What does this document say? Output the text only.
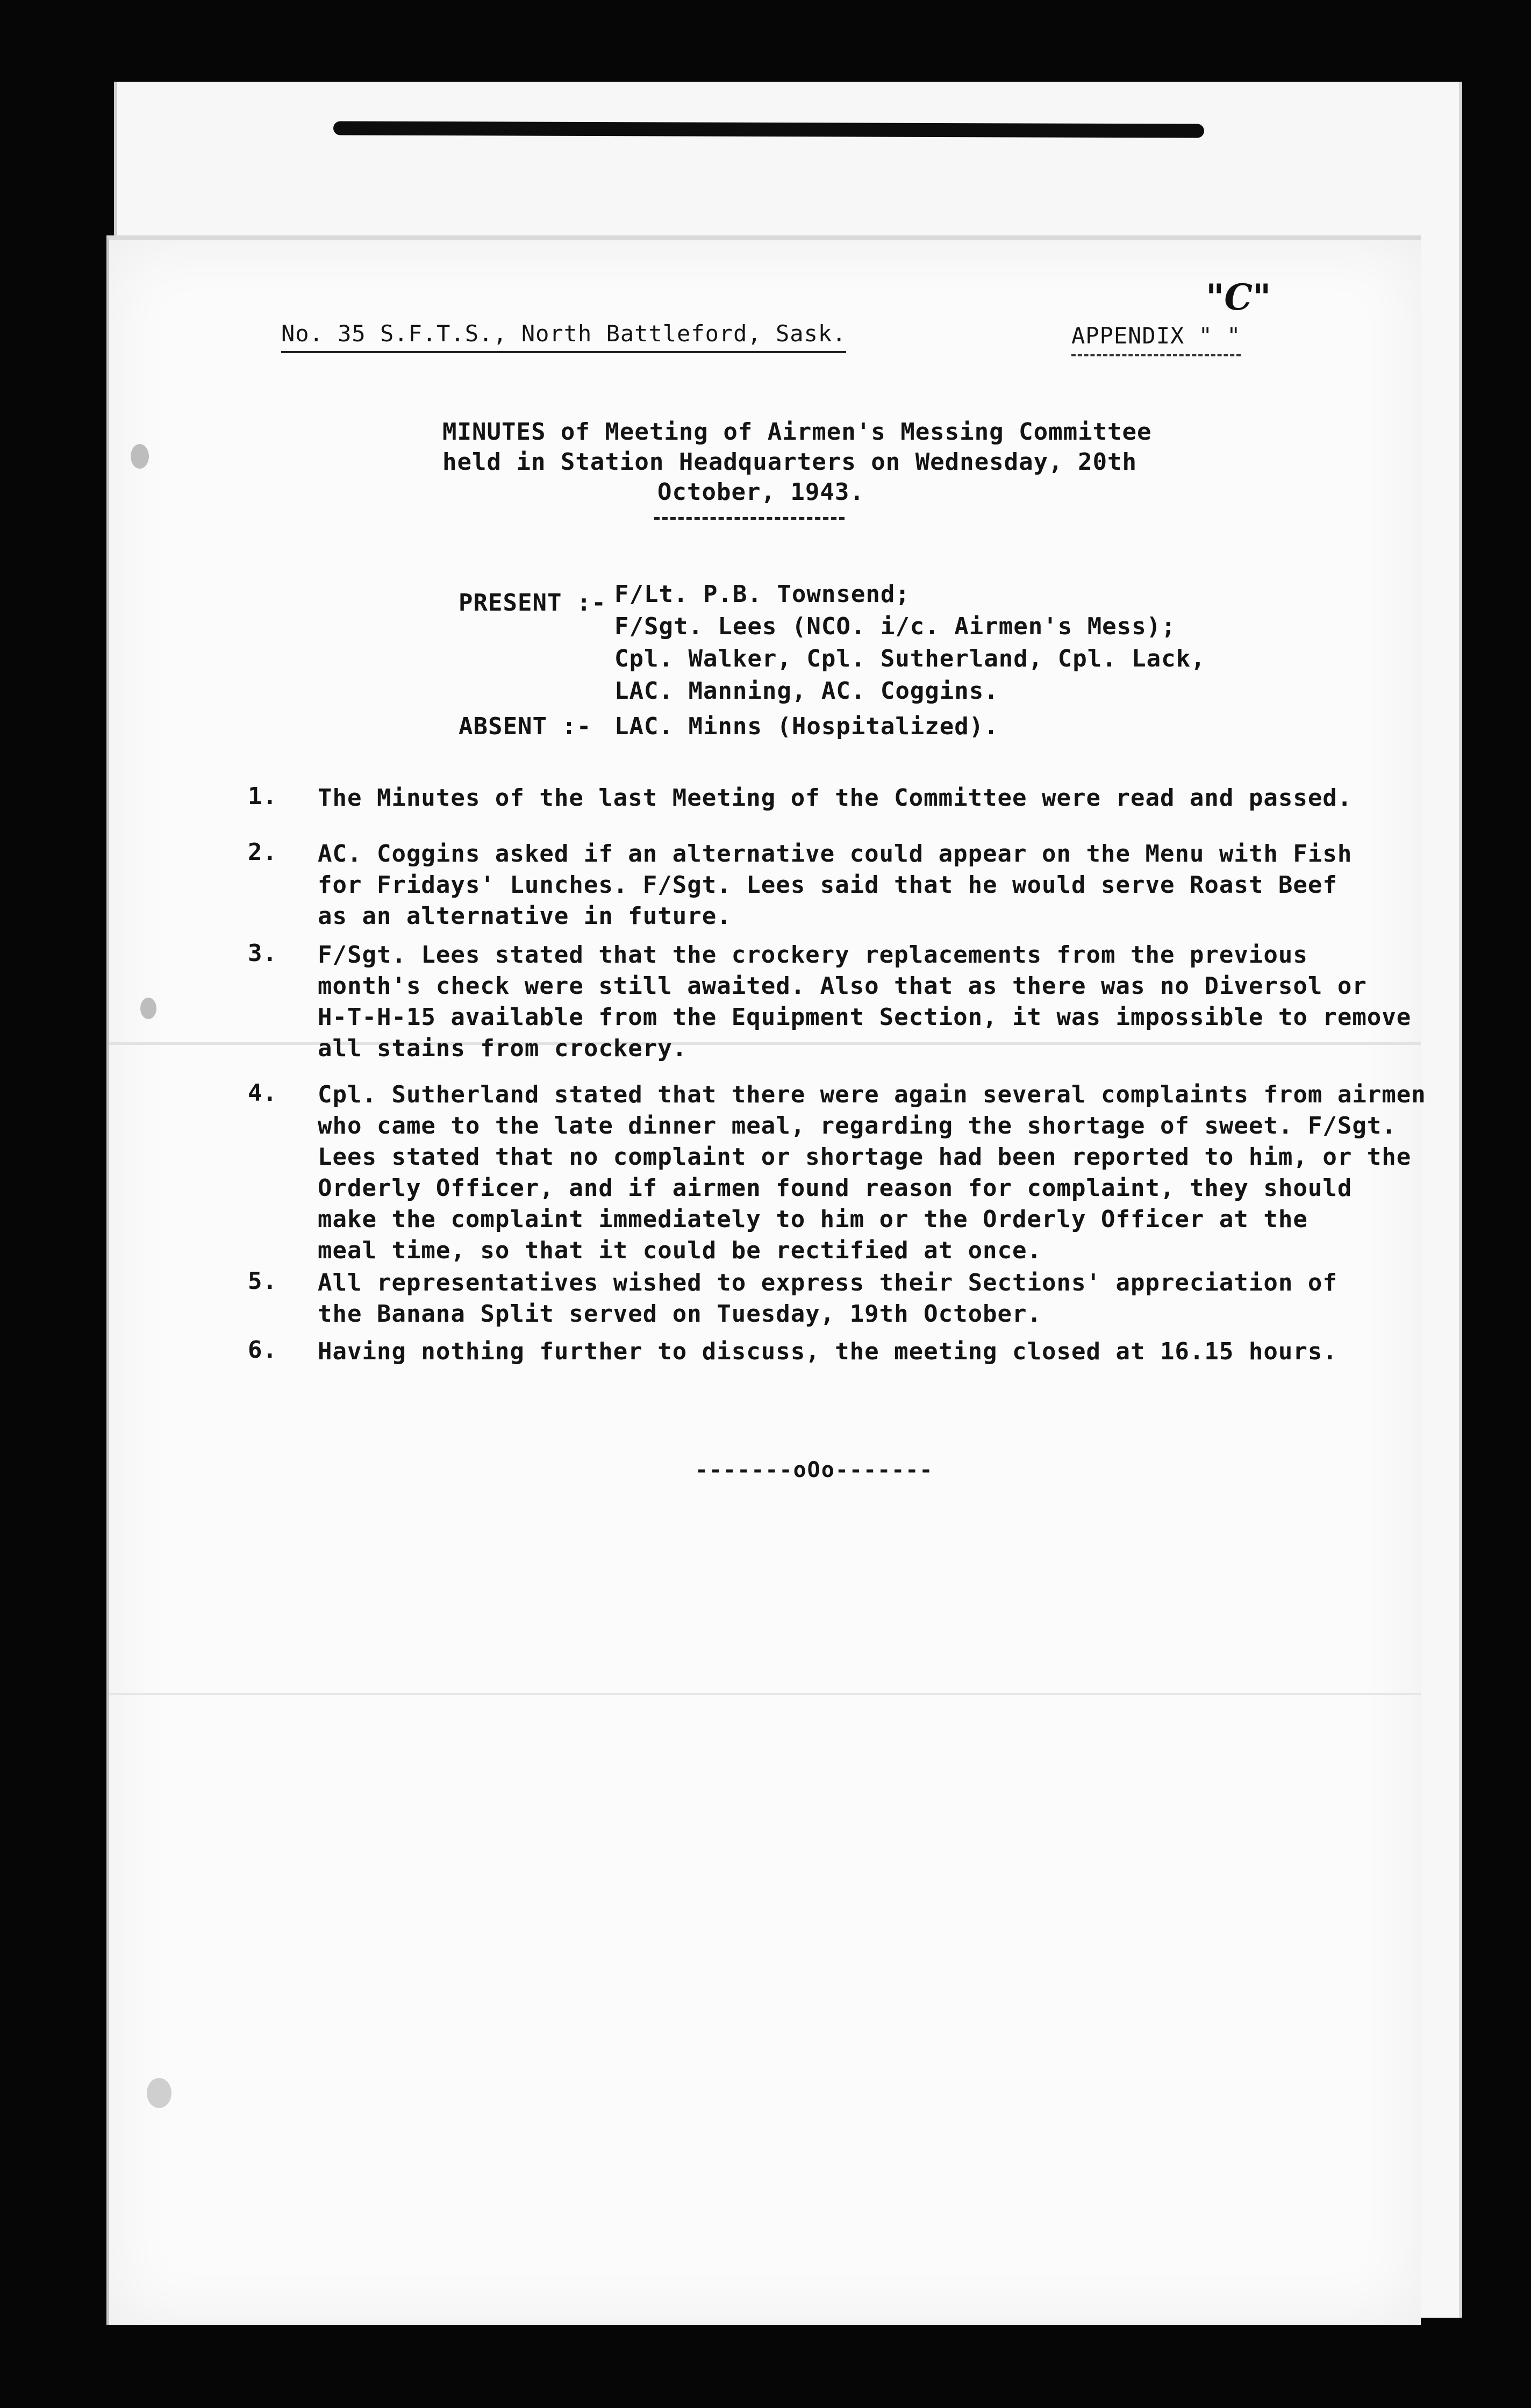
No. 35 S.F.T.S., North Battleford, Sask.
"C"
APPENDIX " "
MINUTES of Meeting of Airmen's Messing Committee
held in Station Headquarters on Wednesday, 20th
October, 1943.
PRESENT :- F/Lt. P.B. Townsend;
F/Sgt. Lees (NCO. i/c. Airmen's Mess);
Cpl. Walker, Cpl. Sutherland, Cpl. Lack,
LAC. Manning, AC. Coggins.
ABSENT :- LAC. Minns (Hospitalized).
1. The Minutes of the last Meeting of the Committee were read and passed.
2. AC. Coggins asked if an alternative could appear on the Menu with Fish
for Fridays' Lunches. F/Sgt. Lees said that he would serve Roast Beef
as an alternative in future.
3. F/Sgt. Lees stated that the crockery replacements from the previous
month's check were still awaited. Also that as there was no Diversol or
H-T-H-15 available from the Equipment Section, it was impossible to remove
all stains from crockery.
4. Cpl. Sutherland stated that there were again several complaints from airmen
who came to the late dinner meal, regarding the shortage of sweet. F/Sgt.
Lees stated that no complaint or shortage had been reported to him, or the
Orderly Officer, and if airmen found reason for complaint, they should
make the complaint immediately to him or the Orderly Officer at the
meal time, so that it could be rectified at once.
5. All representatives wished to express their Sections' appreciation of
the Banana Split served on Tuesday, 19th October.
6. Having nothing further to discuss, the meeting closed at 16.15 hours.
-------oOo-------
